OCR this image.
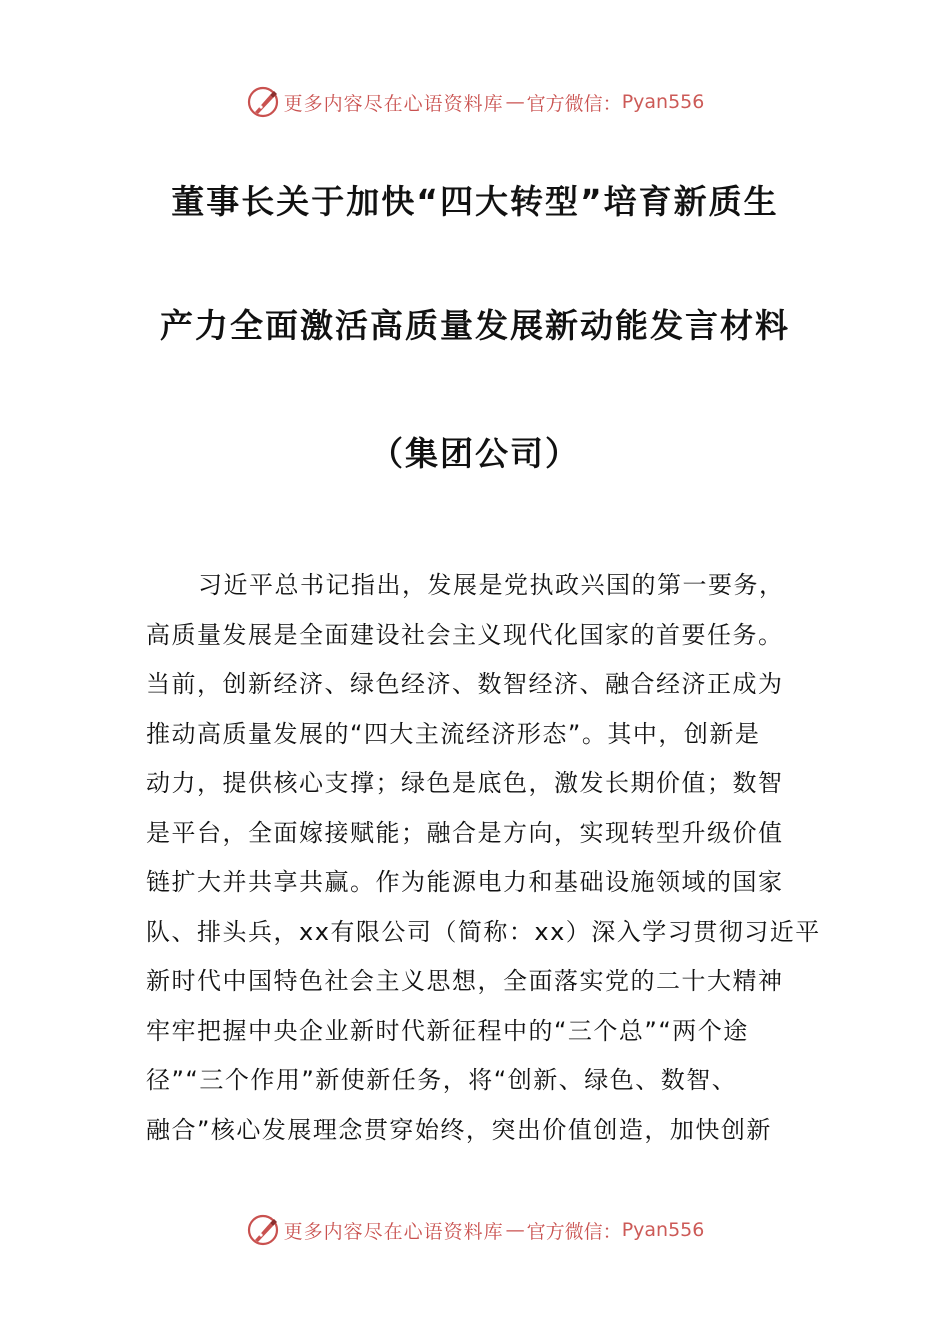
更多内容尽在心语资料库 — 官方微信： Pyan556
董事长关于加快“四大转型”培育新质生
产力全面激活高质量发展新动能发言材料
（集团公司）
习近平总书记指出，发展是党执政兴国的第一要务，
高质量发展是全面建设社会主义现代化国家的首要任务。
当前，创新经济、绿色经济、数智经济、融合经济正成为
推动高质量发展的“四大主流经济形态”。其中，创新是
动力，提供核心支撑；绿色是底色，激发长期价值；数智
是平台，全面嫁接赋能；融合是方向，实现转型升级价值
链扩大并共享共赢。作为能源电力和基础设施领域的国家
队、排头兵，xx有限公司（简称：xx）深入学习贯彻习近平
新时代中国特色社会主义思想，全面落实党的二十大精神
牢牢把握中央企业新时代新征程中的“三个总”“两个途
径”“三个作用”新使新任务，将“创新、绿色、数智、
融合”核心发展理念贯穿始终，突出价值创造，加快创新
更多内容尽在心语资料库 — 官方微信： Pyan556
